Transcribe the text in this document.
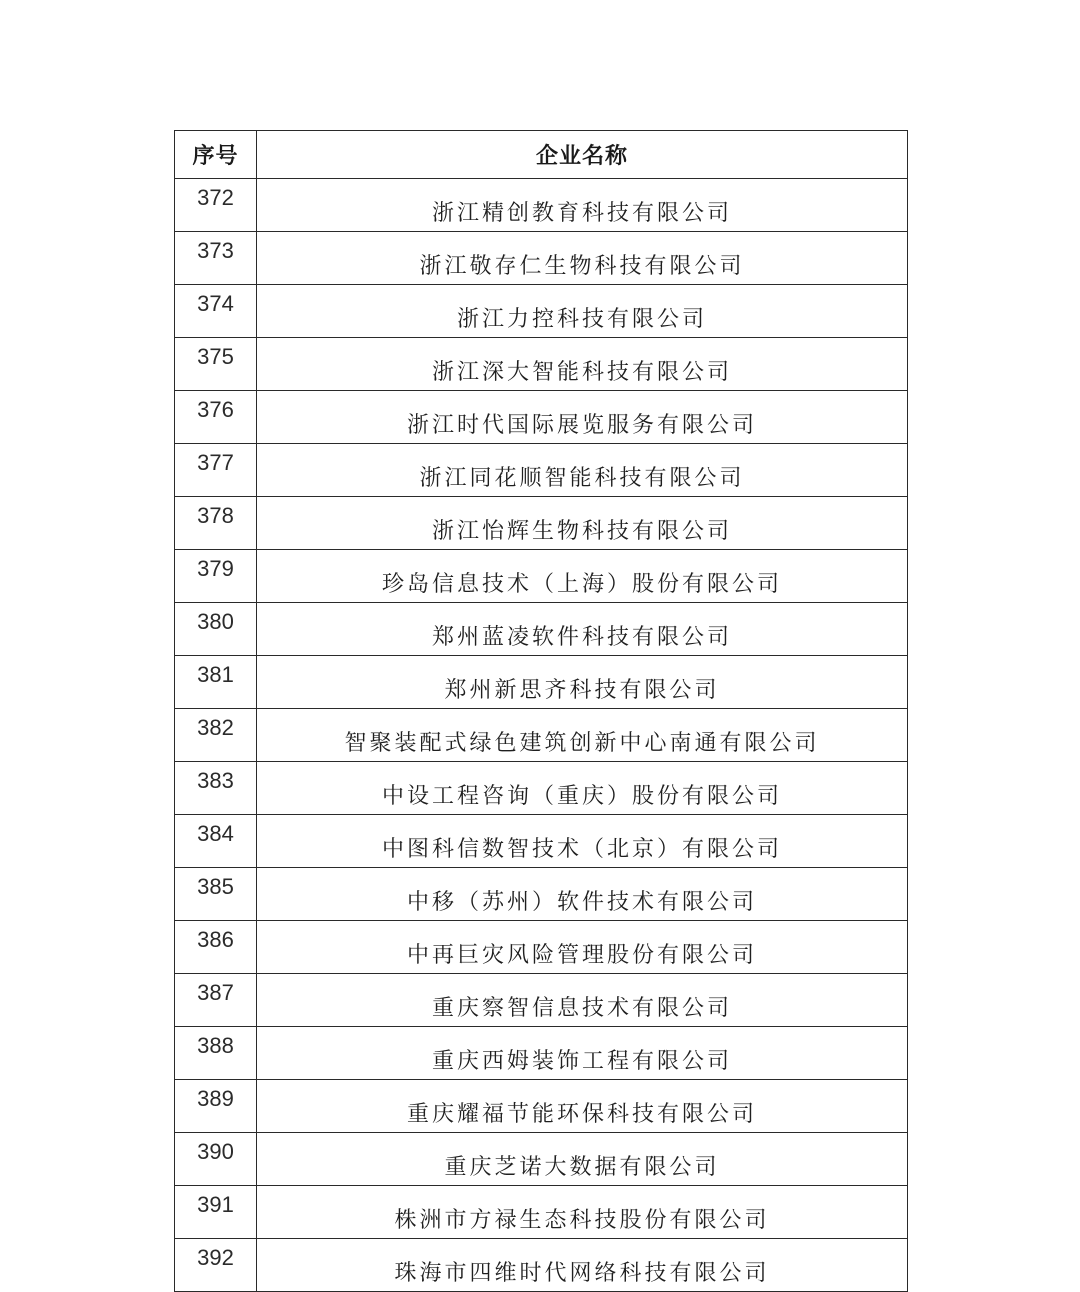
序号	企业名称
372	浙江精创教育科技有限公司
373	浙江敬存仁生物科技有限公司
374	浙江力控科技有限公司
375	浙江深大智能科技有限公司
376	浙江时代国际展览服务有限公司
377	浙江同花顺智能科技有限公司
378	浙江怡辉生物科技有限公司
379	珍岛信息技术（上海）股份有限公司
380	郑州蓝凌软件科技有限公司
381	郑州新思齐科技有限公司
382	智聚装配式绿色建筑创新中心南通有限公司
383	中设工程咨询（重庆）股份有限公司
384	中图科信数智技术（北京）有限公司
385	中移（苏州）软件技术有限公司
386	中再巨灾风险管理股份有限公司
387	重庆察智信息技术有限公司
388	重庆西姆装饰工程有限公司
389	重庆耀福节能环保科技有限公司
390	重庆芝诺大数据有限公司
391	株洲市方禄生态科技股份有限公司
392	珠海市四维时代网络科技有限公司
